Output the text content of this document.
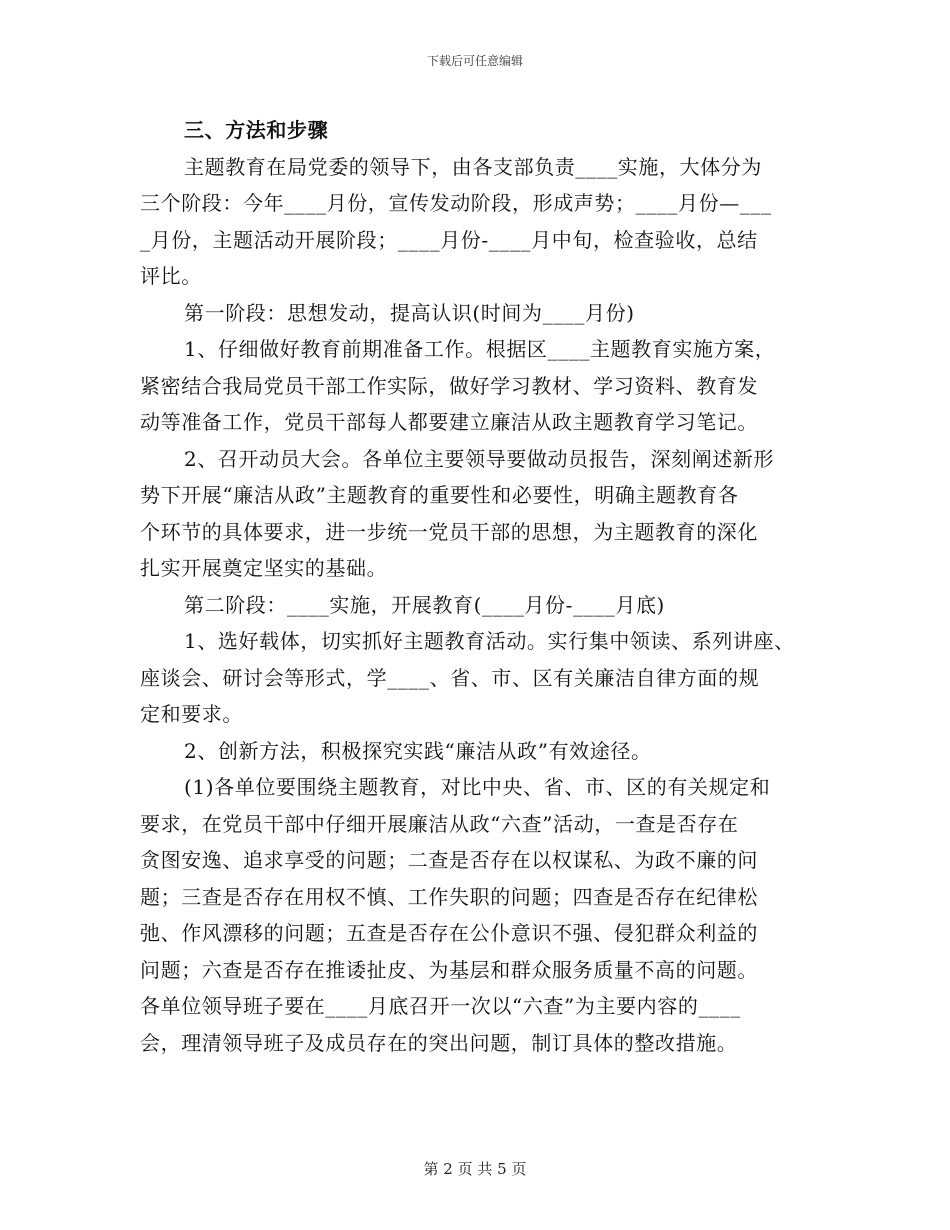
下载后可任意编辑
三、方法和步骤
主题教育在局党委的领导下，由各支部负责____实施，大体分为
三个阶段：今年____月份，宣传发动阶段，形成声势；____月份—___
_月份，主题活动开展阶段；____月份-____月中旬，检查验收，总结
评比。
第一阶段：思想发动，提高认识(时间为____月份)
1、仔细做好教育前期准备工作。根据区____主题教育实施方案，
紧密结合我局党员干部工作实际，做好学习教材、学习资料、教育发
动等准备工作，党员干部每人都要建立廉洁从政主题教育学习笔记。
2、召开动员大会。各单位主要领导要做动员报告，深刻阐述新形
势下开展“廉洁从政”主题教育的重要性和必要性，明确主题教育各
个环节的具体要求，进一步统一党员干部的思想，为主题教育的深化
扎实开展奠定坚实的基础。
第二阶段：____实施，开展教育(____月份-____月底)
1、选好载体，切实抓好主题教育活动。实行集中领读、系列讲座、
座谈会、研讨会等形式，学____、省、市、区有关廉洁自律方面的规
定和要求。
2、创新方法，积极探究实践“廉洁从政”有效途径。
(1)各单位要围绕主题教育，对比中央、省、市、区的有关规定和
要求，在党员干部中仔细开展廉洁从政“六查”活动，一查是否存在
贪图安逸、追求享受的问题；二查是否存在以权谋私、为政不廉的问
题；三查是否存在用权不慎、工作失职的问题；四查是否存在纪律松
弛、作风漂移的问题；五查是否存在公仆意识不强、侵犯群众利益的
问题；六查是否存在推诿扯皮、为基层和群众服务质量不高的问题。
各单位领导班子要在____月底召开一次以“六查”为主要内容的____
会，理清领导班子及成员存在的突出问题，制订具体的整改措施。
第 2 页 共 5 页
